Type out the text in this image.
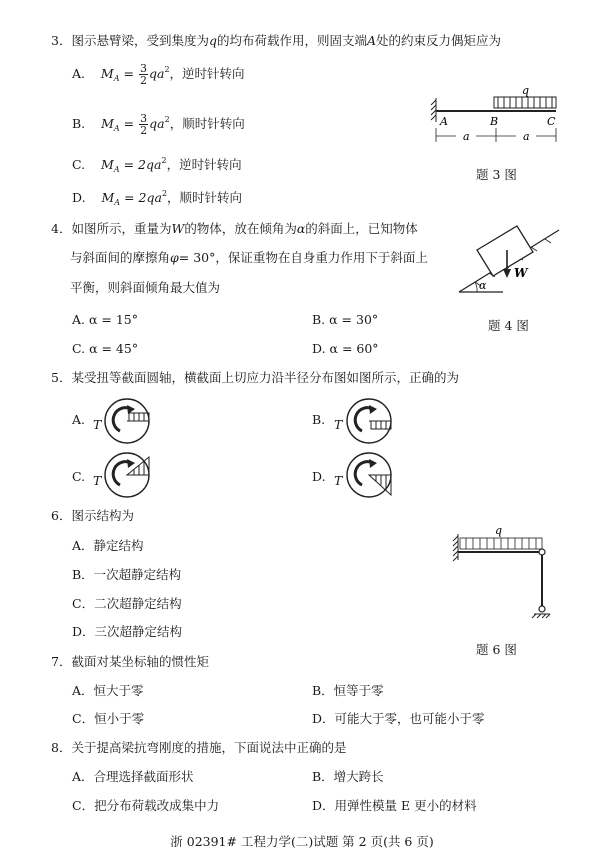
3．图示悬臂梁，受到集度为q的均布荷载作用，则固支端A处的约束反力偶矩应为
A. $M_A = \frac{3}{2} qa^2$，逆时针转向
B. $M_A = \frac{3}{2} qa^2$，顺时针转向
C. $M_A = 2qa^2$，逆时针转向
D. $M_A = 2qa^2$，顺时针转向
q
A	B	C
a	a
题 3 图
4．如图所示，重量为W的物体，放在倾角为α的斜面上，已知物体
与斜面间的摩擦角φ= 30°，保证重物在自身重力作用下于斜面上
平衡，则斜面倾角最大值为
A. α = 15°	B. α = 30°
C. α = 45°	D. α = 60°
W
α
题 4 图
5．某受扭等截面圆轴，横截面上切应力沿半径分布图如图所示，正确的为
A. T	B. T
C. T	D. T
6．图示结构为
A．静定结构
B．一次超静定结构
C．二次超静定结构
D．三次超静定结构
q
题 6 图
7．截面对某坐标轴的惯性矩
A．恒大于零	B．恒等于零
C．恒小于零	D．可能大于零，也可能小于零
8．关于提高梁抗弯刚度的措施，下面说法中正确的是
A．合理选择截面形状	B．增大跨长
C．把分布荷载改成集中力	D．用弹性模量 E 更小的材料
浙 02391# 工程力学(二)试题 第 2 页(共 6 页)
